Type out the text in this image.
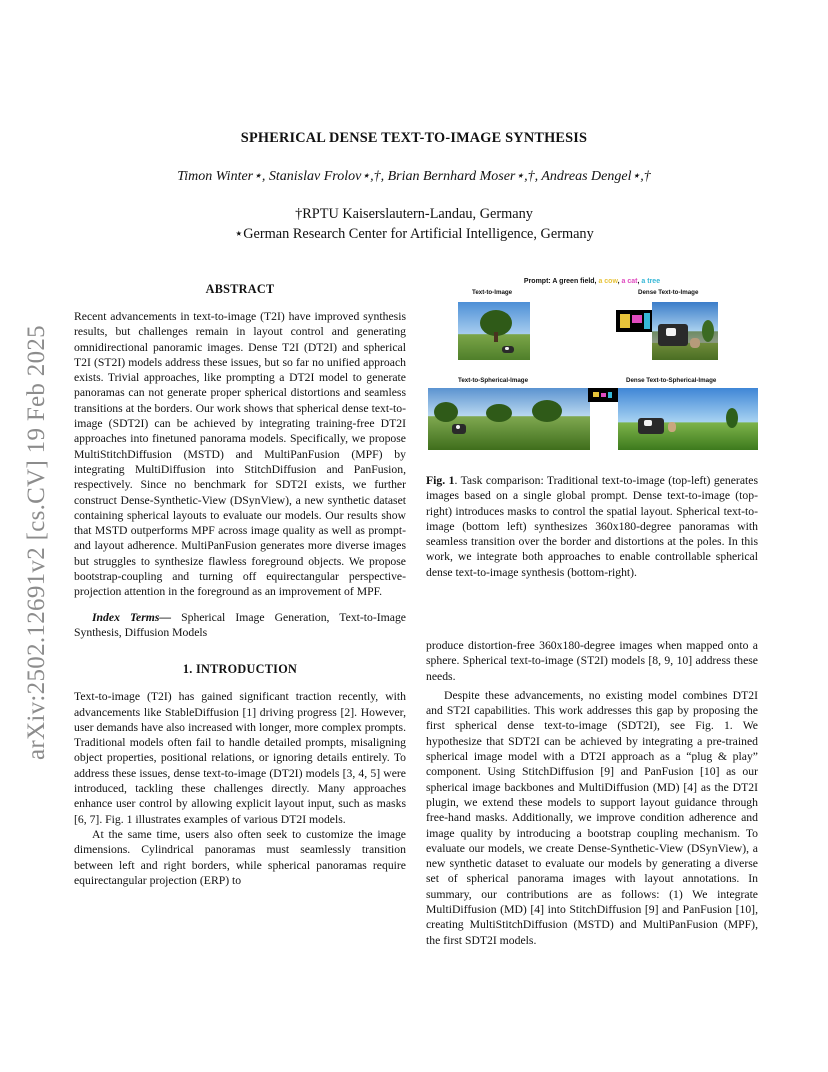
arXiv:2502.12691v2 [cs.CV] 19 Feb 2025
SPHERICAL DENSE TEXT-TO-IMAGE SYNTHESIS
Timon Winter⋆, Stanislav Frolov⋆,†, Brian Bernhard Moser⋆,†, Andreas Dengel⋆,†
†RPTU Kaiserslautern-Landau, Germany
⋆German Research Center for Artificial Intelligence, Germany
ABSTRACT

Recent advancements in text-to-image (T2I) have improved synthesis results, but challenges remain in layout control and generating omnidirectional panoramic images. Dense T2I (DT2I) and spherical T2I (ST2I) models address these issues, but so far no unified approach exists. Trivial approaches, like prompting a DT2I model to generate panoramas can not generate proper spherical distortions and seamless transitions at the borders. Our work shows that spherical dense text-to-image (SDT2I) can be achieved by integrating training-free DT2I approaches into finetuned panorama models. Specifically, we propose MultiStitchDiffusion (MSTD) and MultiPanFusion (MPF) by integrating MultiDiffusion into StitchDiffusion and PanFusion, respectively. Since no benchmark for SDT2I exists, we further construct Dense-Synthetic-View (DSynView), a new synthetic dataset containing spherical layouts to evaluate our models. Our results show that MSTD outperforms MPF across image quality as well as prompt- and layout adherence. MultiPanFusion generates more diverse images but struggles to synthesize flawless foreground objects. We propose bootstrap-coupling and turning off equirectangular perspective-projection attention in the foreground as an improvement of MPF.

Index Terms— Spherical Image Generation, Text-to-Image Synthesis, Diffusion Models

1. INTRODUCTION

Text-to-image (T2I) has gained significant traction recently, with advancements like StableDiffusion [1] driving progress [2]. However, user demands have also increased with longer, more complex prompts. Traditional models often fail to handle detailed prompts, misaligning object properties, positional relations, or ignoring details entirely. To address these issues, dense text-to-image (DT2I) models [3, 4, 5] were introduced, tackling these challenges directly. Many approaches enhance user control by allowing explicit layout input, such as masks [6, 7]. Fig. 1 illustrates examples of various DT2I models.

At the same time, users also often seek to customize the image dimensions. Cylindrical panoramas must seamlessly transition between left and right borders, while spherical panoramas require equirectangular projection (ERP) to

Prompt: A green field, a cow, a cat, a tree
Text-to-Image	Dense Text-to-Image
Text-to-Spherical-Image	Dense Text-to-Spherical-Image

Fig. 1. Task comparison: Traditional text-to-image (top-left) generates images based on a single global prompt. Dense text-to-image (top-right) introduces masks to control the spatial layout. Spherical text-to-image (bottom left) synthesizes 360x180-degree panoramas with seamless transition over the border and distortions at the poles. In this work, we integrate both approaches to enable controllable spherical dense text-to-image synthesis (bottom-right).

produce distortion-free 360x180-degree images when mapped onto a sphere. Spherical text-to-image (ST2I) models [8, 9, 10] address these needs.

Despite these advancements, no existing model combines DT2I and ST2I capabilities. This work addresses this gap by proposing the first spherical dense text-to-image (SDT2I), see Fig. 1. We hypothesize that SDT2I can be achieved by integrating a pre-trained spherical image model with a DT2I approach as a “plug & play” component. Using StitchDiffusion [9] and PanFusion [10] as our spherical image backbones and MultiDiffusion (MD) [4] as the DT2I plugin, we extend these models to support layout guidance through free-hand masks. Additionally, we improve condition adherence and image quality by introducing a bootstrap coupling mechanism. To evaluate our models, we create Dense-Synthetic-View (DSynView), a new synthetic dataset to evaluate our models by generating a diverse set of spherical panorama images with layout annotations. In summary, our contributions are as follows: (1) We integrate MultiDiffusion (MD) [4] into StitchDiffusion [9] and PanFusion [10], creating MultiStitchDiffusion (MSTD) and MultiPanFusion (MPF), the first SDT2I models.
